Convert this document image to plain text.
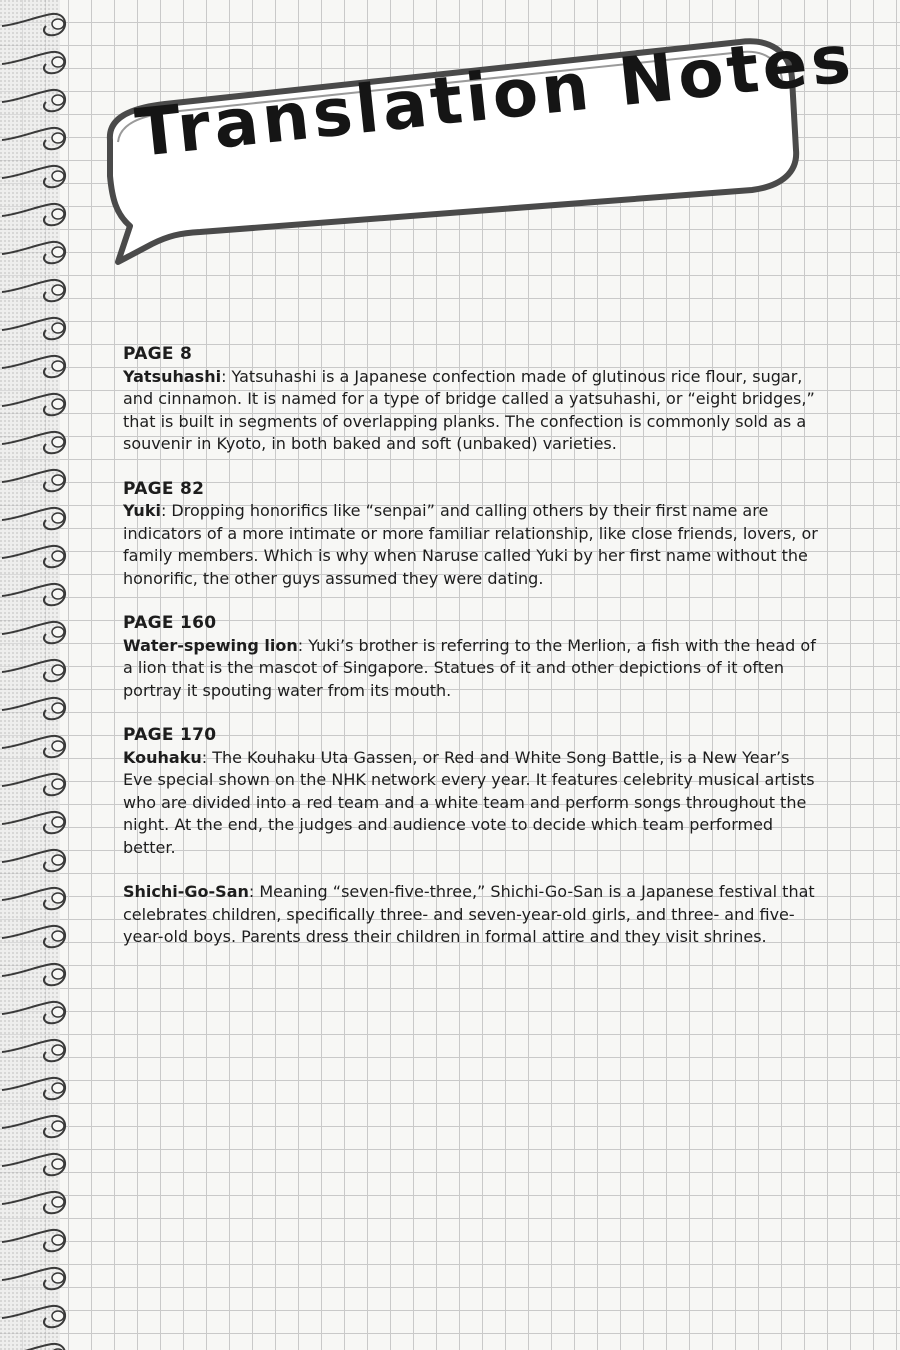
Translation Notes
PAGE 8

Yatsuhashi: Yatsuhashi is a Japanese confection made of glutinous rice flour, sugar, and cinnamon. It is named for a type of bridge called a yatsuhashi, or “eight bridges,” that is built in segments of overlapping planks. The confection is commonly sold as a souvenir in Kyoto, in both baked and soft (unbaked) varieties.

PAGE 82

Yuki: Dropping honorifics like “senpai” and calling others by their first name are indicators of a more intimate or more familiar relationship, like close friends, lovers, or family members. Which is why when Naruse called Yuki by her first name without the honorific, the other guys assumed they were dating.

PAGE 160

Water-spewing lion: Yuki’s brother is referring to the Merlion, a fish with the head of a lion that is the mascot of Singapore. Statues of it and other depictions of it often portray it spouting water from its mouth.

PAGE 170

Kouhaku: The Kouhaku Uta Gassen, or Red and White Song Battle, is a New Year’s Eve special shown on the NHK network every year. It features celebrity musical artists who are divided into a red team and a white team and perform songs throughout the night. At the end, the judges and audience vote to decide which team performed better.

Shichi-Go-San: Meaning “seven-five-three,” Shichi-Go-San is a Japanese festival that celebrates children, specifically three- and seven-year-old girls, and three- and five-year-old boys. Parents dress their children in formal attire and they visit shrines.
